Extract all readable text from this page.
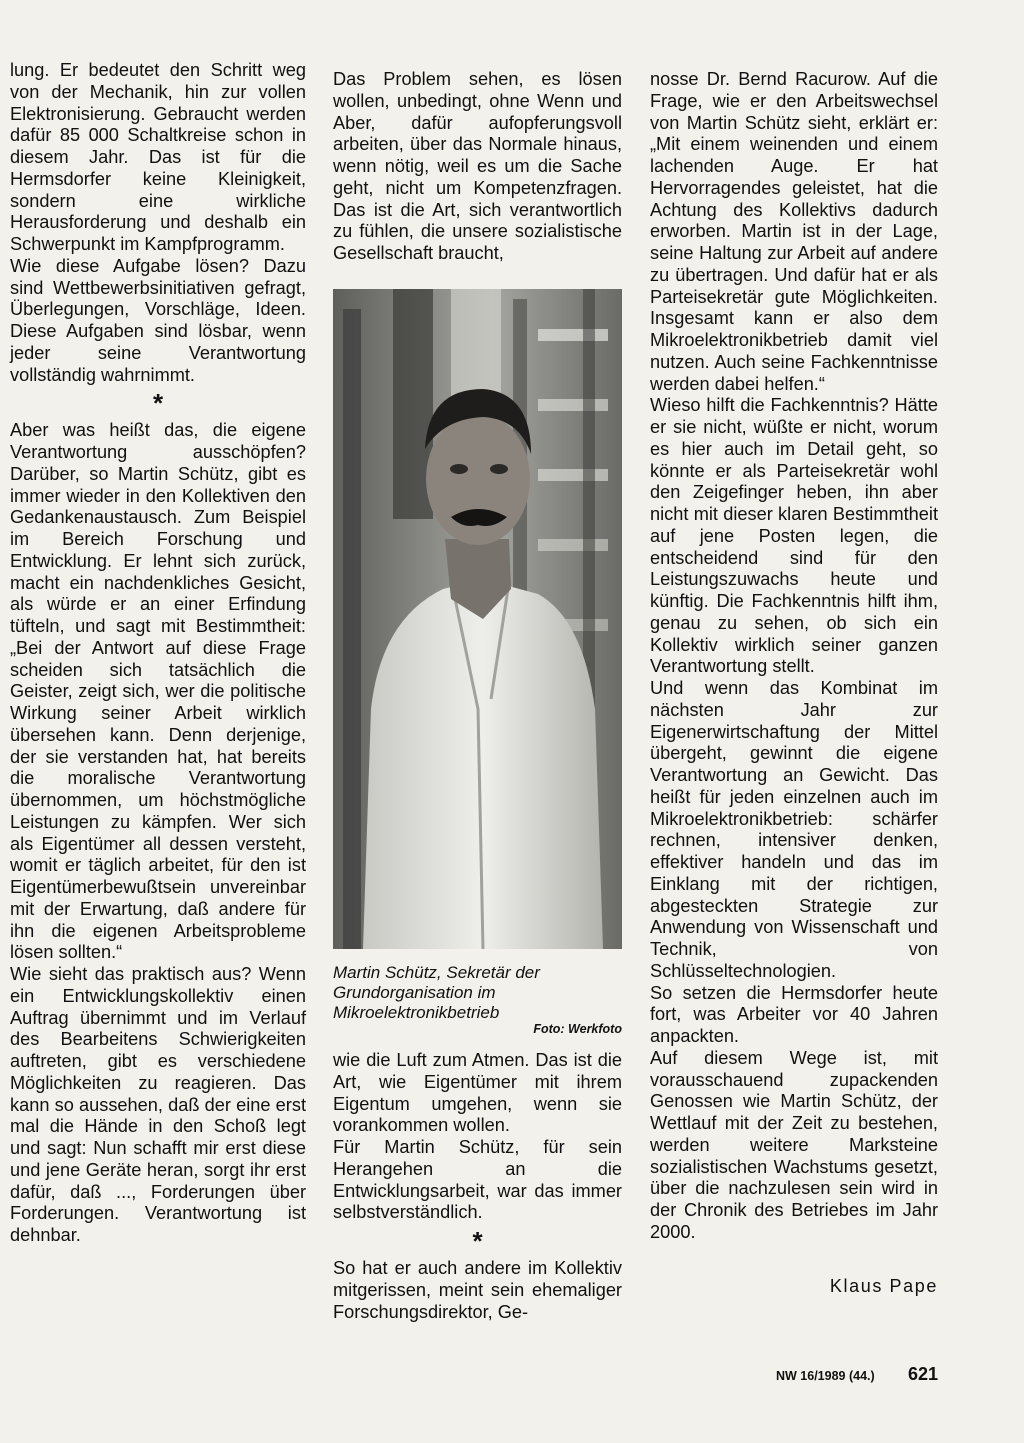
lung. Er bedeutet den Schritt weg von der Mechanik, hin zur vollen Elektronisierung. Gebraucht werden dafür 85 000 Schaltkreise schon in diesem Jahr. Das ist für die Hermsdorfer keine Kleinigkeit, sondern eine wirkliche Herausforderung und deshalb ein Schwerpunkt im Kampfprogramm.

Wie diese Aufgabe lösen? Dazu sind Wettbewerbsinitiativen gefragt, Überlegungen, Vorschläge, Ideen. Diese Aufgaben sind lösbar, wenn jeder seine Verantwortung vollständig wahrnimmt.

*

Aber was heißt das, die eigene Verantwortung ausschöpfen? Darüber, so Martin Schütz, gibt es immer wieder in den Kollektiven den Gedankenaustausch. Zum Beispiel im Bereich Forschung und Entwicklung. Er lehnt sich zurück, macht ein nachdenkliches Gesicht, als würde er an einer Erfindung tüfteln, und sagt mit Bestimmtheit: „Bei der Antwort auf diese Frage scheiden sich tatsächlich die Geister, zeigt sich, wer die politische Wirkung seiner Arbeit wirklich übersehen kann. Denn derjenige, der sie verstanden hat, hat bereits die moralische Verantwortung übernommen, um höchstmögliche Leistungen zu kämpfen. Wer sich als Eigentümer all dessen versteht, womit er täglich arbeitet, für den ist Eigentümerbewußtsein unvereinbar mit der Erwartung, daß andere für ihn die eigenen Arbeitsprobleme lösen sollten.“

Wie sieht das praktisch aus? Wenn ein Entwicklungskollektiv einen Auftrag übernimmt und im Verlauf des Bearbeitens Schwierigkeiten auftreten, gibt es verschiedene Möglichkeiten zu reagieren. Das kann so aussehen, daß der eine erst mal die Hände in den Schoß legt und sagt: Nun schafft mir erst diese und jene Geräte heran, sorgt ihr erst dafür, daß ..., Forderungen über Forderungen. Verantwortung ist dehnbar.

Das Problem sehen, es lösen wollen, unbedingt, ohne Wenn und Aber, dafür aufopferungsvoll arbeiten, über das Normale hinaus, wenn nötig, weil es um die Sache geht, nicht um Kompetenzfragen. Das ist die Art, sich verantwortlich zu fühlen, die unsere sozialistische Gesellschaft braucht,

Martin Schütz, Sekretär der Grundorganisation im Mikroelektronikbetrieb
Foto: Werkfoto

wie die Luft zum Atmen. Das ist die Art, wie Eigentümer mit ihrem Eigentum umgehen, wenn sie vorankommen wollen.

Für Martin Schütz, für sein Herangehen an die Entwicklungsarbeit, war das immer selbstverständlich.

*

So hat er auch andere im Kollektiv mitgerissen, meint sein ehemaliger Forschungsdirektor, Ge-

nosse Dr. Bernd Racurow. Auf die Frage, wie er den Arbeitswechsel von Martin Schütz sieht, erklärt er: „Mit einem weinenden und einem lachenden Auge. Er hat Hervorragendes geleistet, hat die Achtung des Kollektivs dadurch erworben. Martin ist in der Lage, seine Haltung zur Arbeit auf andere zu übertragen. Und dafür hat er als Parteisekretär gute Möglichkeiten. Insgesamt kann er also dem Mikroelektronikbetrieb damit viel nutzen. Auch seine Fachkenntnisse werden dabei helfen.“

Wieso hilft die Fachkenntnis? Hätte er sie nicht, wüßte er nicht, worum es hier auch im Detail geht, so könnte er als Parteisekretär wohl den Zeigefinger heben, ihn aber nicht mit dieser klaren Bestimmtheit auf jene Posten legen, die entscheidend sind für den Leistungszuwachs heute und künftig. Die Fachkenntnis hilft ihm, genau zu sehen, ob sich ein Kollektiv wirklich seiner ganzen Verantwortung stellt.

Und wenn das Kombinat im nächsten Jahr zur Eigenerwirtschaftung der Mittel übergeht, gewinnt die eigene Verantwortung an Gewicht. Das heißt für jeden einzelnen auch im Mikroelektronikbetrieb: schärfer rechnen, intensiver denken, effektiver handeln und das im Einklang mit der richtigen, abgesteckten Strategie zur Anwendung von Wissenschaft und Technik, von Schlüsseltechnologien.

So setzen die Hermsdorfer heute fort, was Arbeiter vor 40 Jahren anpackten.

Auf diesem Wege ist, mit vorausschauend zupackenden Genossen wie Martin Schütz, der Wettlauf mit der Zeit zu bestehen, werden weitere Marksteine sozialistischen Wachstums gesetzt, über die nachzulesen sein wird in der Chronik des Betriebes im Jahr 2000.

Klaus Pape
NW 16/1989 (44.) 621
